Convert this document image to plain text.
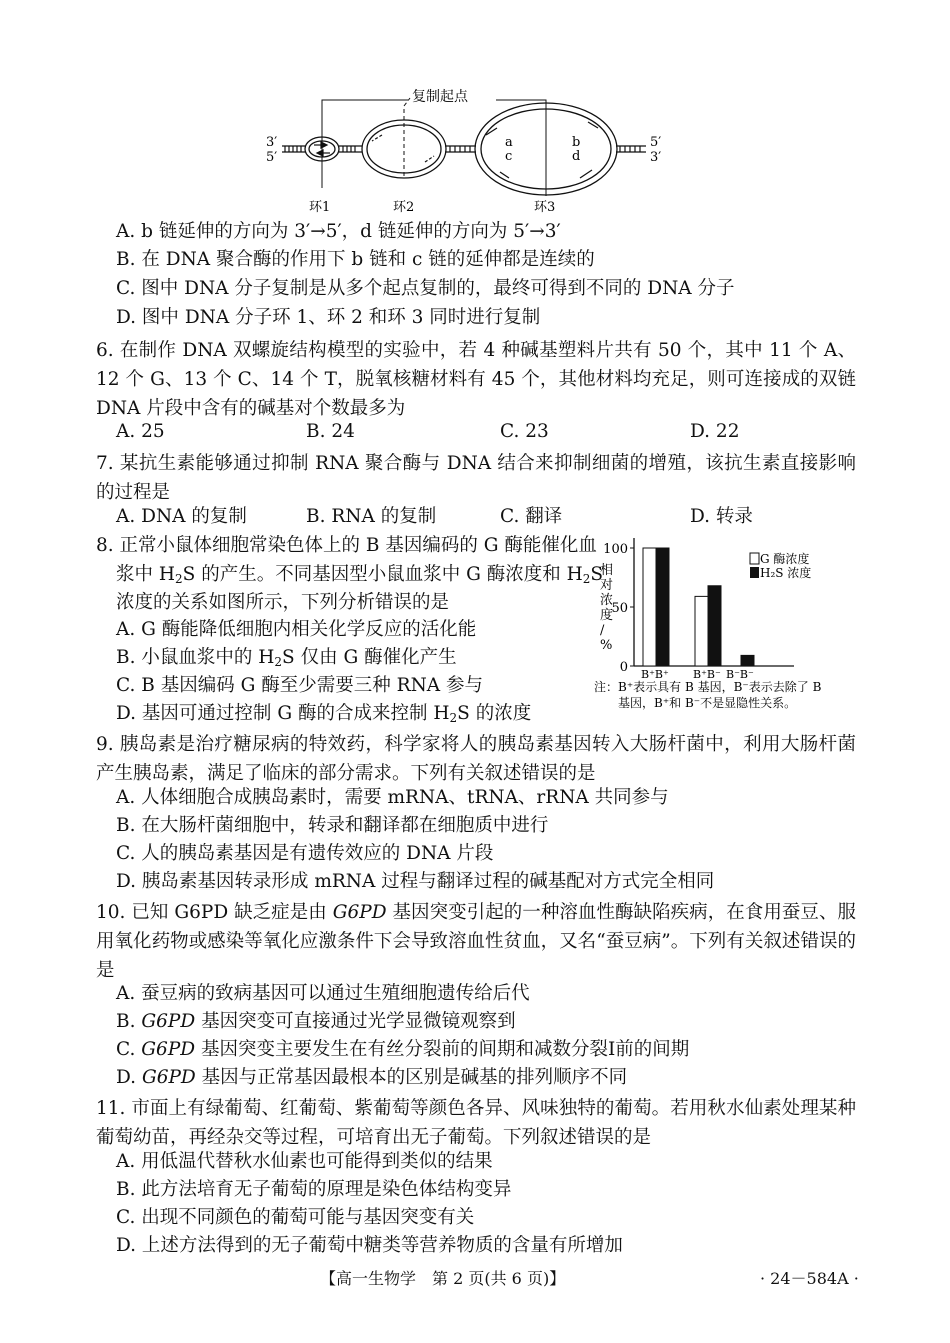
复制起点
3′
5′
5′
3′
a
c
b
d
环1	环2	环3
A. b 链延伸的方向为 3′→5′，d 链延伸的方向为 5′→3′
B. 在 DNA 聚合酶的作用下 b 链和 c 链的延伸都是连续的
C. 图中 DNA 分子复制是从多个起点复制的，最终可得到不同的 DNA 分子
D. 图中 DNA 分子环 1、环 2 和环 3 同时进行复制
6. 在制作 DNA 双螺旋结构模型的实验中，若 4 种碱基塑料片共有 50 个，其中 11 个 A、12 个 G、13 个 C、14 个 T，脱氧核糖材料有 45 个，其他材料均充足，则可连接成的双链 DNA 片段中含有的碱基对个数最多为
A. 25	B. 24	C. 23	D. 22
7. 某抗生素能够通过抑制 RNA 聚合酶与 DNA 结合来抑制细菌的增殖，该抗生素直接影响的过程是
A. DNA 的复制	B. RNA 的复制	C. 翻译	D. 转录
8. 正常小鼠体细胞常染色体上的 B 基因编码的 G 酶能催化血
浆中 $H_2S$ 的产生。不同基因型小鼠血浆中 G 酶浓度和 $H_2S$
浓度的关系如图所示，下列分析错误的是
A. G 酶能降低细胞内相关化学反应的活化能
B. 小鼠血浆中的 $H_2S$ 仅由 G 酶催化产生
C. B 基因编码 G 酶至少需要三种 RNA 参与
D. 基因可通过控制 G 酶的合成来控制 $H_2S$ 的浓度
0
50
100
B⁺B⁺ B⁺B⁻ B⁻B⁻
相对浓度/ %
G 酶浓度
H₂S 浓度
注：B⁺表示具有 B 基因，B⁻表示去除了 B
基因，B⁺和 B⁻不是显隐性关系。
9. 胰岛素是治疗糖尿病的特效药，科学家将人的胰岛素基因转入大肠杆菌中，利用大肠杆菌产生胰岛素，满足了临床的部分需求。下列有关叙述错误的是
A. 人体细胞合成胰岛素时，需要 mRNA、tRNA、rRNA 共同参与
B. 在大肠杆菌细胞中，转录和翻译都在细胞质中进行
C. 人的胰岛素基因是有遗传效应的 DNA 片段
D. 胰岛素基因转录形成 mRNA 过程与翻译过程的碱基配对方式完全相同
10. 已知 G6PD 缺乏症是由 G6PD 基因突变引起的一种溶血性酶缺陷疾病，在食用蚕豆、服用氧化药物或感染等氧化应激条件下会导致溶血性贫血，又名“蚕豆病”。下列有关叙述错误的是
A. 蚕豆病的致病基因可以通过生殖细胞遗传给后代
B. G6PD 基因突变可直接通过光学显微镜观察到
C. G6PD 基因突变主要发生在有丝分裂前的间期和减数分裂Ⅰ前的间期
D. G6PD 基因与正常基因最根本的区别是碱基的排列顺序不同
11. 市面上有绿葡萄、红葡萄、紫葡萄等颜色各异、风味独特的葡萄。若用秋水仙素处理某种葡萄幼苗，再经杂交等过程，可培育出无子葡萄。下列叙述错误的是
A. 用低温代替秋水仙素也可能得到类似的结果
B. 此方法培育无子葡萄的原理是染色体结构变异
C. 出现不同颜色的葡萄可能与基因突变有关
D. 上述方法得到的无子葡萄中糖类等营养物质的含量有所增加
【高一生物学　第 2 页(共 6 页)】	· 24－584A ·
